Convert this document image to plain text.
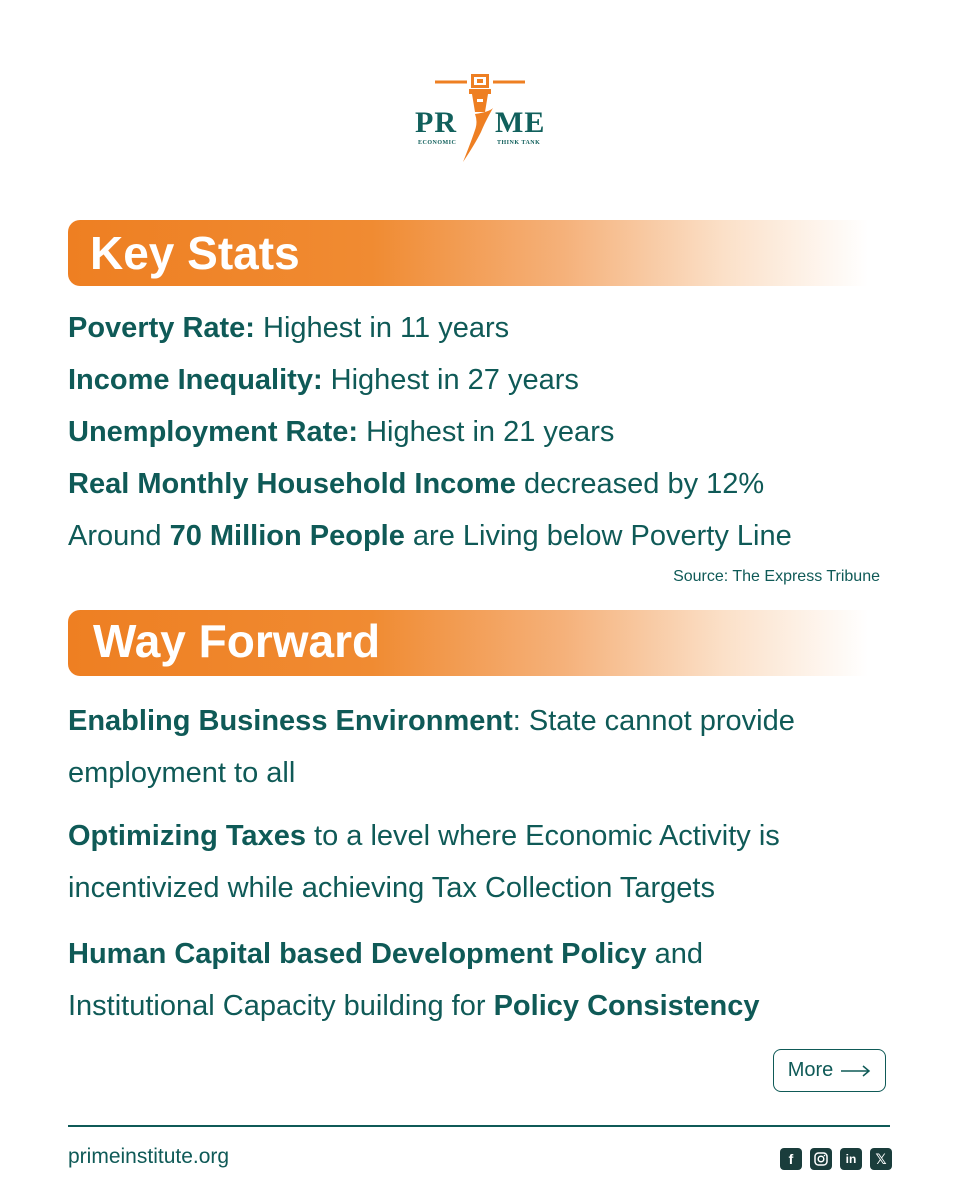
PR ME
ECONOMIC	THINK TANK
Key Stats
Poverty Rate: Highest in 11 years
Income Inequality: Highest in 27 years
Unemployment Rate: Highest in 21 years
Real Monthly Household Income decreased by 12%
Around 70 Million People are Living below Poverty Line
Source: The Express Tribune
Way Forward
Enabling Business Environment: State cannot provide
employment to all
Optimizing Taxes to a level where Economic Activity is
incentivized while achieving Tax Collection Targets
Human Capital based Development Policy and
Institutional Capacity building for Policy Consistency
More
primeinstitute.org	f	in	𝕏
